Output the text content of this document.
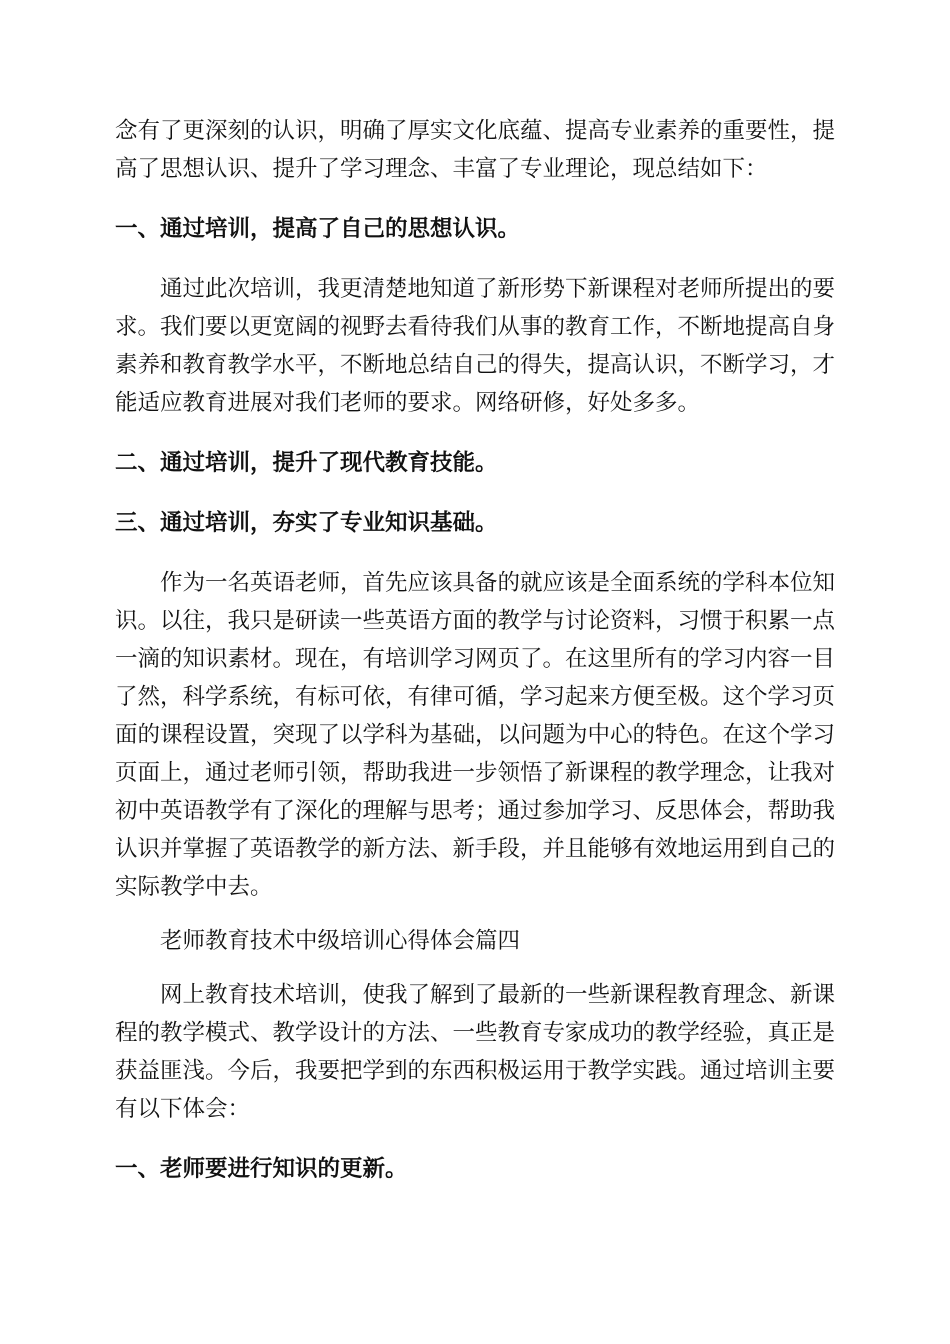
念有了更深刻的认识，明确了厚实文化底蕴、提高专业素养的重要性，提高了思想认识、提升了学习理念、丰富了专业理论，现总结如下：

一、通过培训，提高了自己的思想认识。

通过此次培训，我更清楚地知道了新形势下新课程对老师所提出的要求。我们要以更宽阔的视野去看待我们从事的教育工作，不断地提高自身素养和教育教学水平，不断地总结自己的得失，提高认识，不断学习，才能适应教育进展对我们老师的要求。网络研修，好处多多。

二、通过培训，提升了现代教育技能。

三、通过培训，夯实了专业知识基础。

作为一名英语老师，首先应该具备的就应该是全面系统的学科本位知识。以往，我只是研读一些英语方面的教学与讨论资料，习惯于积累一点一滴的知识素材。现在，有培训学习网页了。在这里所有的学习内容一目了然，科学系统，有标可依，有律可循，学习起来方便至极。这个学习页面的课程设置，突现了以学科为基础，以问题为中心的特色。在这个学习页面上，通过老师引领，帮助我进一步领悟了新课程的教学理念，让我对初中英语教学有了深化的理解与思考；通过参加学习、反思体会，帮助我认识并掌握了英语教学的新方法、新手段，并且能够有效地运用到自己的实际教学中去。

老师教育技术中级培训心得体会篇四

网上教育技术培训，使我了解到了最新的一些新课程教育理念、新课程的教学模式、教学设计的方法、一些教育专家成功的教学经验，真正是获益匪浅。今后，我要把学到的东西积极运用于教学实践。通过培训主要有以下体会：

一、老师要进行知识的更新。
